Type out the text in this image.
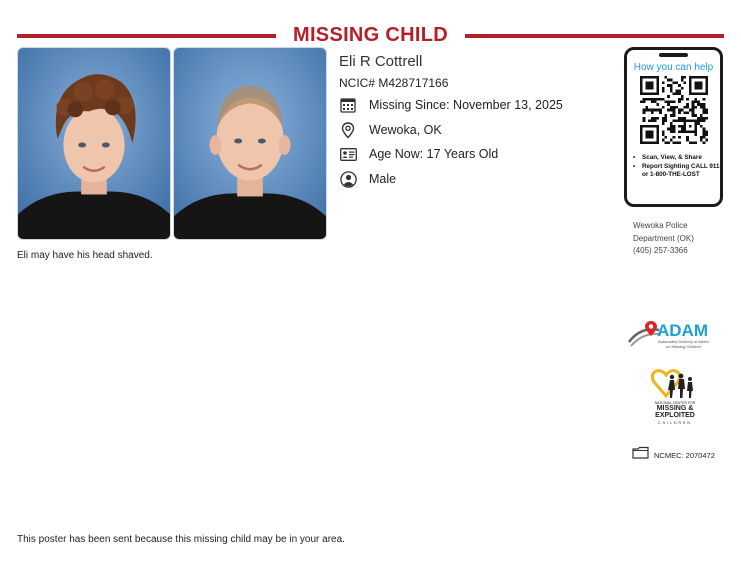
MISSING CHILD
Eli may have his head shaved.
Eli R Cottrell
NCIC# M428717166
Missing Since: November 13, 2025
Wewoka, OK
Age Now: 17 Years Old
Male
How you can help
• Scan, View, & Share
• Report Sighting CALL 911 or 1-800-THE-LOST
Wewoka Police
Department (OK)
(405) 257-3366
ADAM
Automated Delivery of Alerts
on Missing Children
NATIONAL CENTER FOR
MISSING &
EXPLOITED
CHILDREN
NCMEC: 2070472
This poster has been sent because this missing child may be in your area.
